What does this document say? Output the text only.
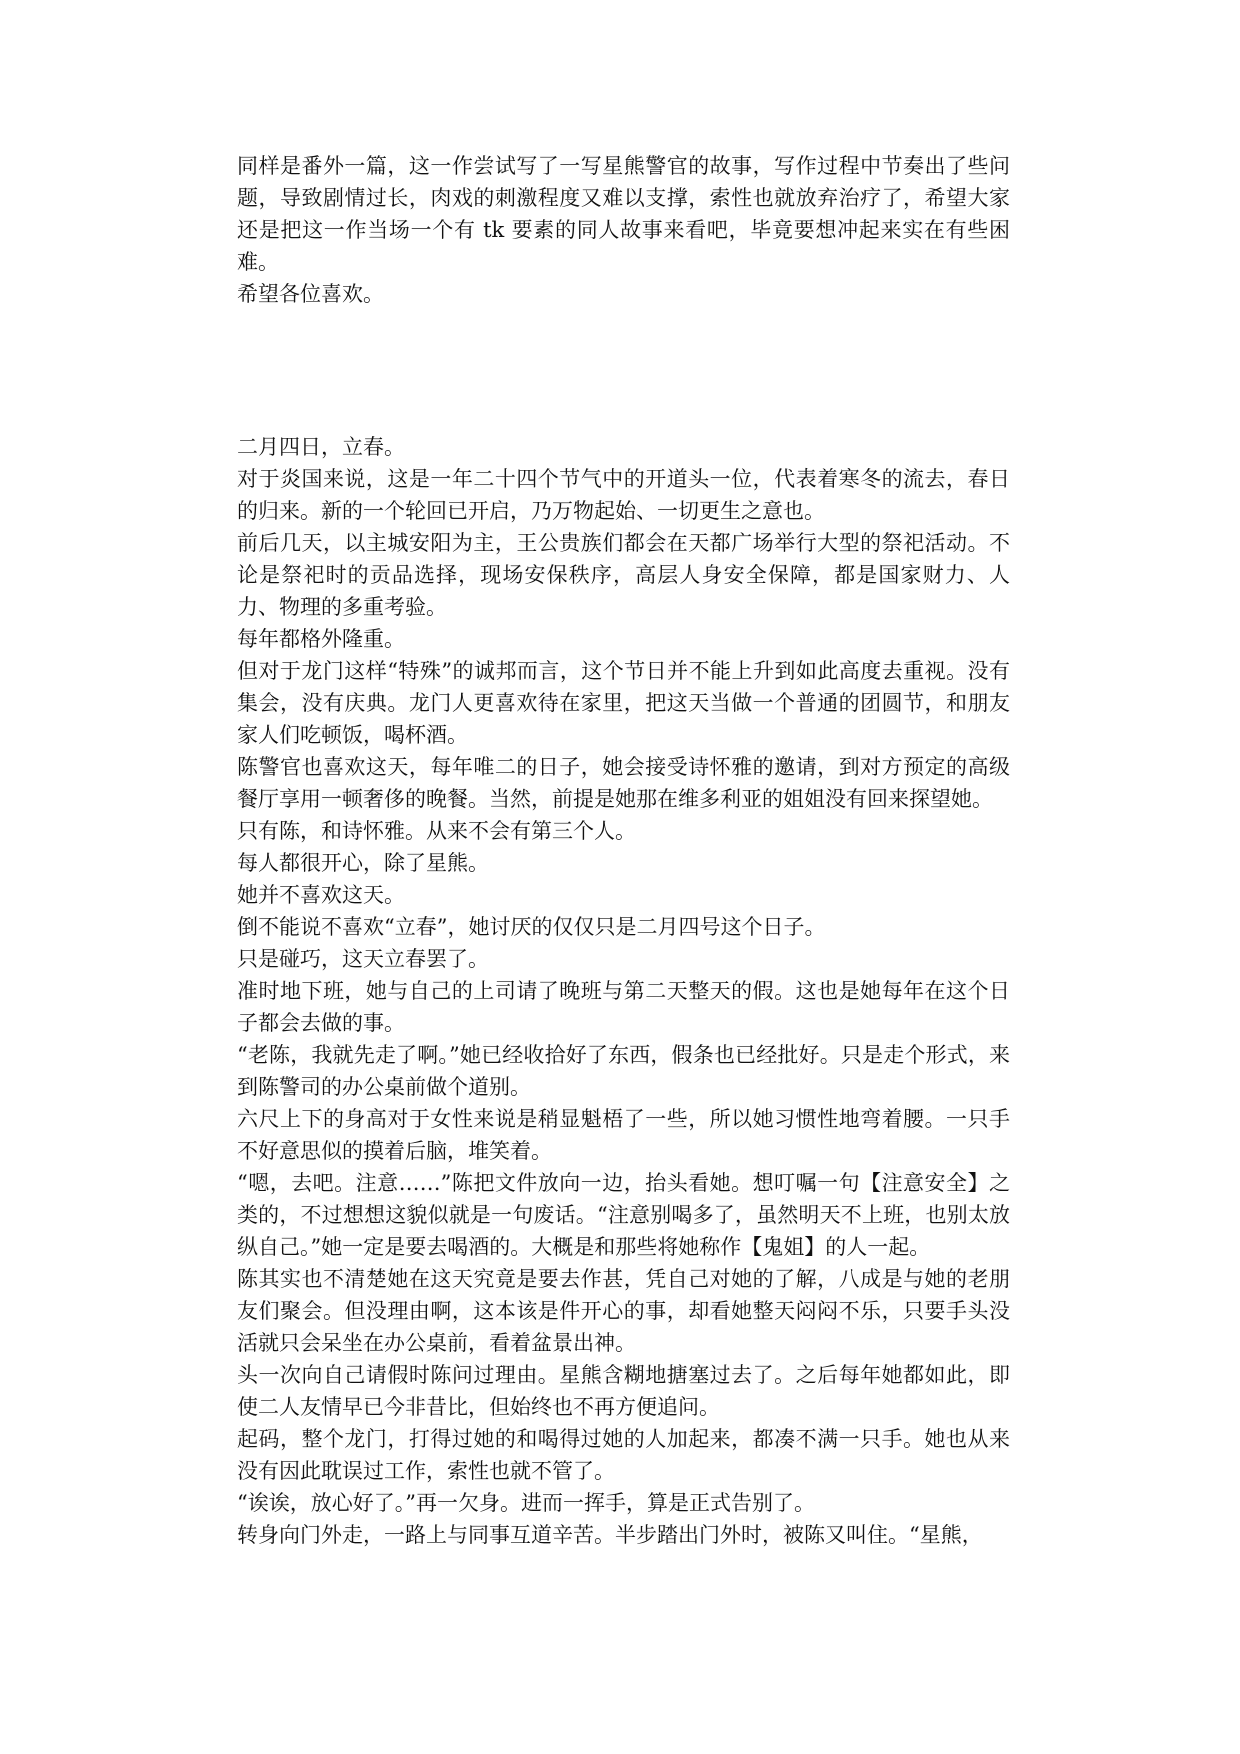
同样是番外一篇，这一作尝试写了一写星熊警官的故事，写作过程中节奏出了些问题，导致剧情过长，肉戏的刺激程度又难以支撑，索性也就放弃治疗了，希望大家还是把这一作当场一个有 tk 要素的同人故事来看吧，毕竟要想冲起来实在有些困难。

希望各位喜欢。

二月四日，立春。

对于炎国来说，这是一年二十四个节气中的开道头一位，代表着寒冬的流去，春日的归来。新的一个轮回已开启，乃万物起始、一切更生之意也。

前后几天，以主城安阳为主，王公贵族们都会在天都广场举行大型的祭祀活动。不论是祭祀时的贡品选择，现场安保秩序，高层人身安全保障，都是国家财力、人力、物理的多重考验。

每年都格外隆重。

但对于龙门这样“特殊”的诚邦而言，这个节日并不能上升到如此高度去重视。没有集会，没有庆典。龙门人更喜欢待在家里，把这天当做一个普通的团圆节，和朋友家人们吃顿饭，喝杯酒。

陈警官也喜欢这天，每年唯二的日子，她会接受诗怀雅的邀请，到对方预定的高级餐厅享用一顿奢侈的晚餐。当然，前提是她那在维多利亚的姐姐没有回来探望她。

只有陈，和诗怀雅。从来不会有第三个人。

每人都很开心，除了星熊。

她并不喜欢这天。

倒不能说不喜欢“立春”，她讨厌的仅仅只是二月四号这个日子。

只是碰巧，这天立春罢了。

准时地下班，她与自己的上司请了晚班与第二天整天的假。这也是她每年在这个日子都会去做的事。

“老陈，我就先走了啊。”她已经收拾好了东西，假条也已经批好。只是走个形式，来到陈警司的办公桌前做个道别。

六尺上下的身高对于女性来说是稍显魁梧了一些，所以她习惯性地弯着腰。一只手不好意思似的摸着后脑，堆笑着。

“嗯，去吧。注意……”陈把文件放向一边，抬头看她。想叮嘱一句【注意安全】之类的，不过想想这貌似就是一句废话。“注意别喝多了，虽然明天不上班，也别太放纵自己。”她一定是要去喝酒的。大概是和那些将她称作【鬼姐】的人一起。

陈其实也不清楚她在这天究竟是要去作甚，凭自己对她的了解，八成是与她的老朋友们聚会。但没理由啊，这本该是件开心的事，却看她整天闷闷不乐，只要手头没活就只会呆坐在办公桌前，看着盆景出神。

头一次向自己请假时陈问过理由。星熊含糊地搪塞过去了。之后每年她都如此，即使二人友情早已今非昔比，但始终也不再方便追问。

起码，整个龙门，打得过她的和喝得过她的人加起来，都凑不满一只手。她也从来没有因此耽误过工作，索性也就不管了。

“诶诶，放心好了。”再一欠身。进而一挥手，算是正式告别了。

转身向门外走，一路上与同事互道辛苦。半步踏出门外时，被陈又叫住。“星熊，
